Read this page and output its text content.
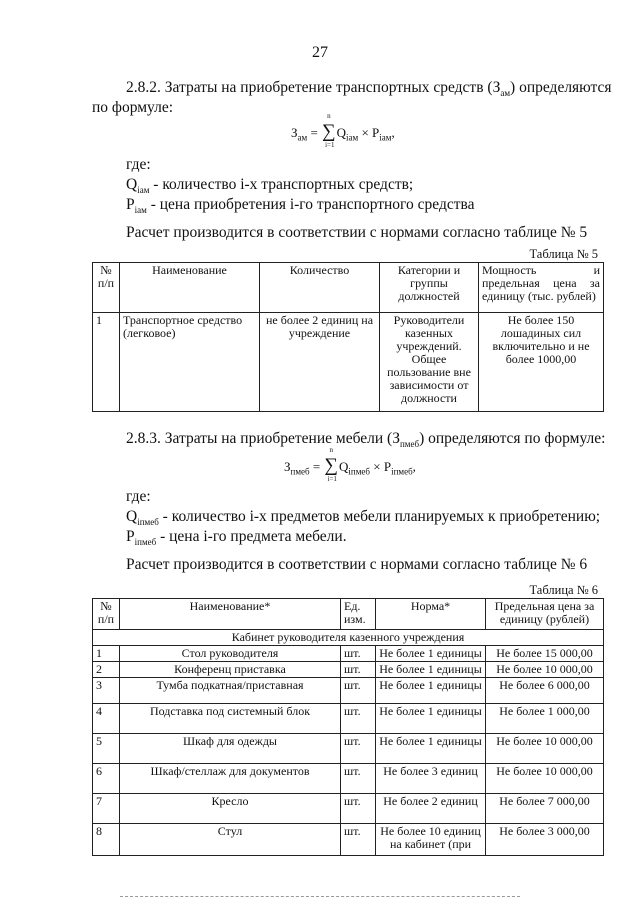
27
2.8.2. Затраты на приобретение транспортных средств $(З_{ам})$ определяются
по формуле:
$З_{ам}$ =
n
∑
i=1
$Q_{iам} \times P_{iам}$,
где:
$Q_{iам}$ - количество i-х транспортных средств;
$P_{iам}$ - цена приобретения i-го транспортного средства
Расчет производится в соответствии с нормами согласно таблице № 5
Таблица № 5
№ п/п	Наименование	Количество	Категории и группы должностей	Мощность и предельная цена за единицу (тыс. рублей)
1	Транспортное средство (легковое)	не более 2 единиц на учреждение	Руководители казенных учреждений. Общее пользование вне зависимости от должности	Не более 150 лошадиных сил включительно и не более 1000,00
2.8.3. Затраты на приобретение мебели $(З_{пмеб})$ определяются по формуле:
$З_{пмеб}$ =
n
∑
i=1
$Q_{iпмеб} \times P_{iпмеб}$,
где:
$Q_{iпмеб}$ - количество i-х предметов мебели планируемых к приобретению;
$P_{iпмеб}$ - цена i-го предмета мебели.
Расчет производится в соответствии с нормами согласно таблице № 6
Таблица № 6
№ п/п	Наименование*	Ед. изм.	Норма*	Предельная цена за единицу (рублей)
Кабинет руководителя казенного учреждения				
1	Стол руководителя	шт.	Не более 1 единицы	Не более 15 000,00
2	Конференц приставка	шт.	Не более 1 единицы	Не более 10 000,00
3	Тумба подкатная/приставная	шт.	Не более 1 единицы	Не более 6 000,00
4	Подставка под системный блок	шт.	Не более 1 единицы	Не более 1 000,00
5	Шкаф для одежды	шт.	Не более 1 единицы	Не более 10 000,00
6	Шкаф/стеллаж для документов	шт.	Не более 3 единиц	Не более 10 000,00
7	Кресло	шт.	Не более 2 единиц	Не более 7 000,00
8	Стул	шт.	Не более 10 единиц на кабинет (при	Не более 3 000,00
